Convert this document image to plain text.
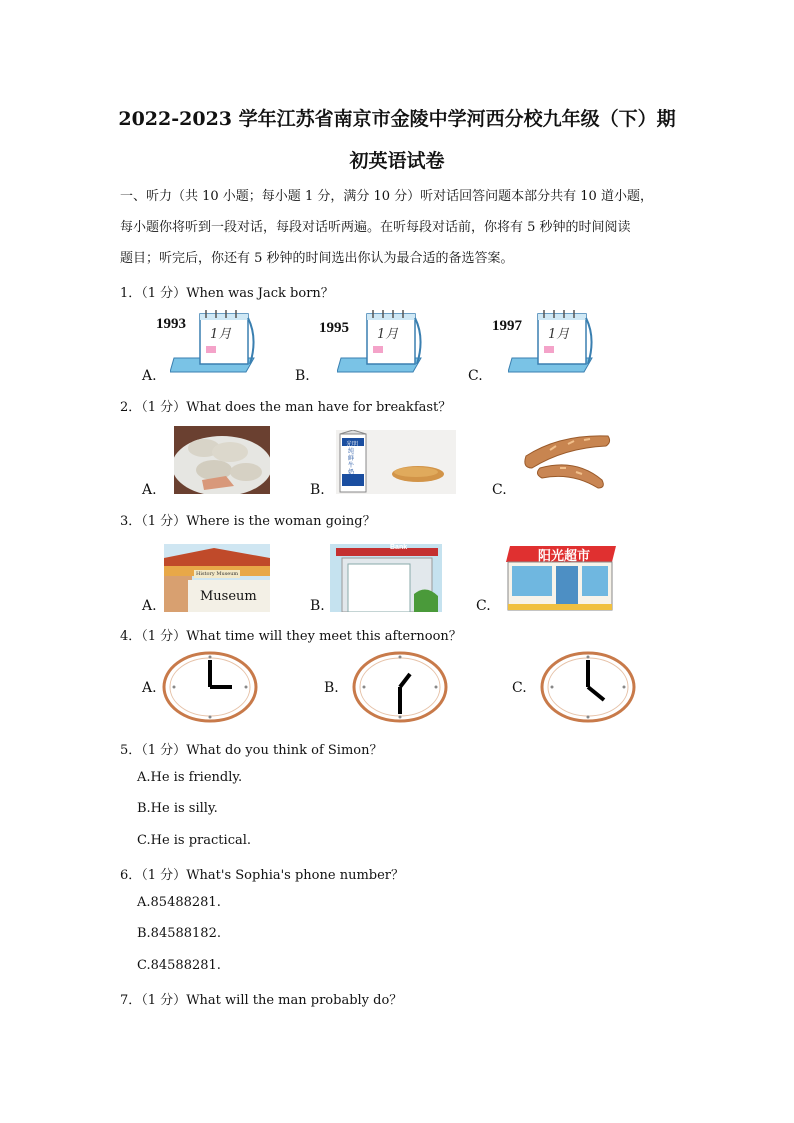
2022-2023 学年江苏省南京市金陵中学河西分校九年级（下）期
初英语试卷
一、听力（共 10 小题；每小题 1 分，满分 10 分）听对话回答问题本部分共有 10 道小题，
每小题你将听到一段对话，每段对话听两遍。在听每段对话前，你将有 5 秒钟的时间阅读
题目；听完后，你还有 5 秒钟的时间选出你认为最合适的备选答案。
1．（1 分）When was Jack born？
A.
1993
1月
B.
1995 1月
C.
1997
1月
2．（1 分）What does the man have for breakfast？
A.	B.
光明
纯鲜牛奶
C.
3．（1 分）Where is the woman going？
A.
History Museum
Museum
B.
Bank
C.
阳光超市
4．（1 分）What time will they meet this afternoon？
A.	B.	C.
5．（1 分）What do you think of Simon？
A.He is friendly.
B.He is silly.
C.He is practical.
6．（1 分）What's Sophia's phone number？
A.85488281.
B.84588182.
C.84588281.
7．（1 分）What will the man probably do？
